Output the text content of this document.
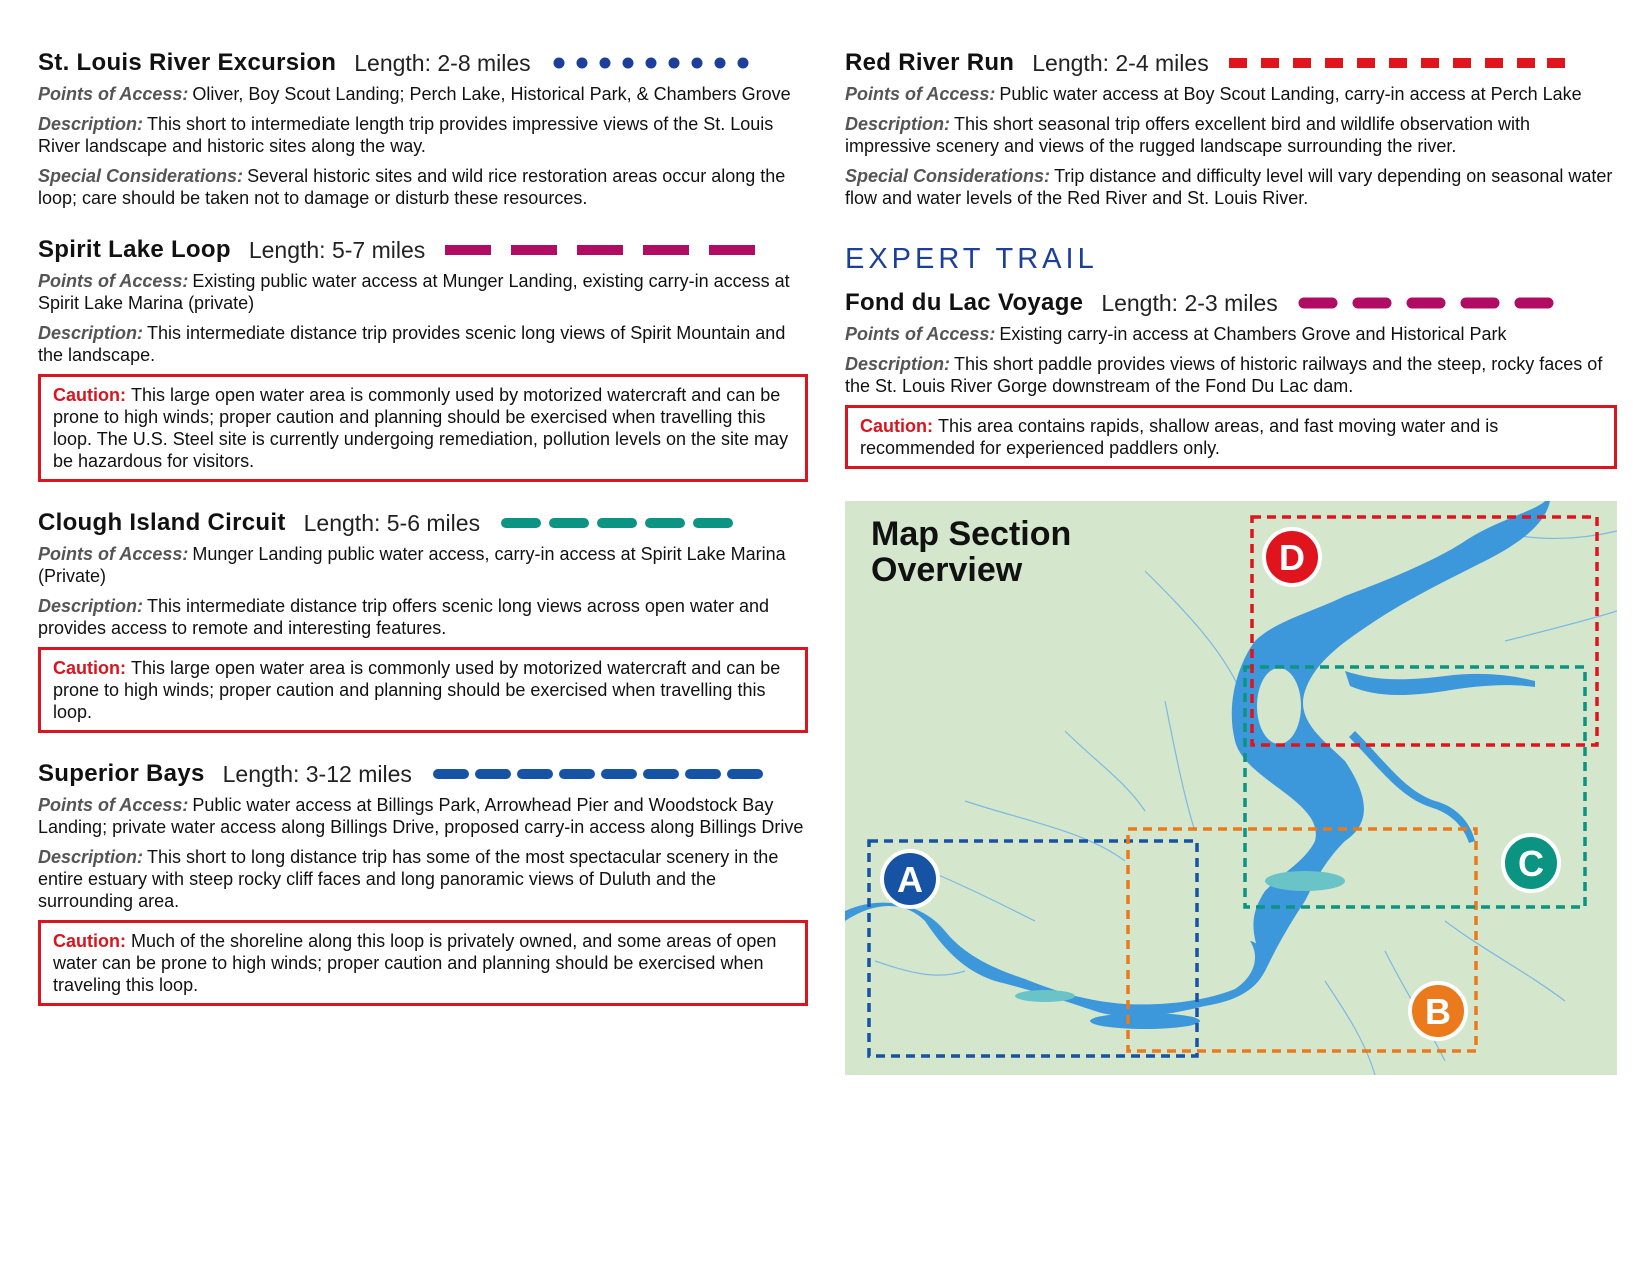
St. Louis River Excursion Length: 2-8 miles

Points of Access: Oliver, Boy Scout Landing; Perch Lake, Historical Park, & Chambers Grove

Description: This short to intermediate length trip provides impressive views of the St. Louis River landscape and historic sites along the way.

Special Considerations: Several historic sites and wild rice restoration areas occur along the loop; care should be taken not to damage or disturb these resources.

Spirit Lake Loop Length: 5-7 miles

Points of Access: Existing public water access at Munger Landing, existing carry-in access at Spirit Lake Marina (private)

Description: This intermediate distance trip provides scenic long views of Spirit Mountain and the landscape.

Caution: This large open water area is commonly used by motorized watercraft and can be prone to high winds; proper caution and planning should be exercised when travelling this loop. The U.S. Steel site is currently undergoing remediation, pollution levels on the site may be hazardous for visitors.
Clough Island Circuit Length: 5-6 miles

Points of Access: Munger Landing public water access, carry-in access at Spirit Lake Marina (Private)

Description: This intermediate distance trip offers scenic long views across open water and provides access to remote and interesting features.

Caution: This large open water area is commonly used by motorized watercraft and can be prone to high winds; proper caution and planning should be exercised when travelling this loop.
Superior Bays Length: 3-12 miles

Points of Access: Public water access at Billings Park, Arrowhead Pier and Woodstock Bay Landing; private water access along Billings Drive, proposed carry-in access along Billings Drive

Description: This short to long distance trip has some of the most spectacular scenery in the entire estuary with steep rocky cliff faces and long panoramic views of Duluth and the surrounding area.

Caution: Much of the shoreline along this loop is privately owned, and some areas of open water can be prone to high winds; proper caution and planning should be exercised when traveling this loop.
Red River Run Length: 2-4 miles

Points of Access: Public water access at Boy Scout Landing, carry-in access at Perch Lake

Description: This short seasonal trip offers excellent bird and wildlife observation with impressive scenery and views of the rugged landscape surrounding the river.

Special Considerations: Trip distance and difficulty level will vary depending on seasonal water flow and water levels of the Red River and St. Louis River.

EXPERT TRAIL
Fond du Lac Voyage Length: 2-3 miles

Points of Access: Existing carry-in access at Chambers Grove and Historical Park

Description: This short paddle provides views of historic railways and the steep, rocky faces of the St. Louis River Gorge downstream of the Fond Du Lac dam.

Caution: This area contains rapids, shallow areas, and fast moving water and is recommended for experienced paddlers only.
A
B
C
D
Map Section
Overview
